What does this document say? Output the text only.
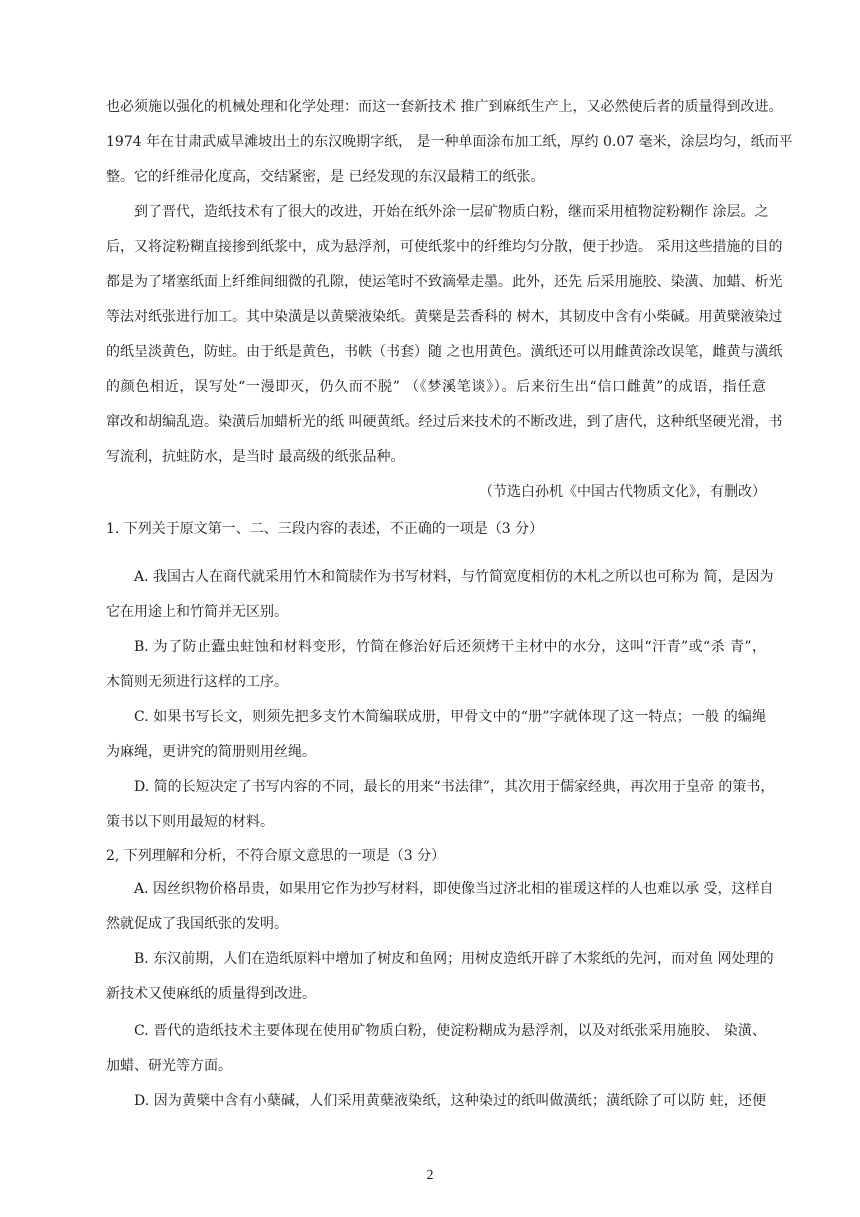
也必须施以强化的机械处理和化学处理：而这一套新技术 推广到麻纸生产上，又必然使后者的质量得到改进。
1974 年在甘肃武威旱滩坡出土的东汉晚期字纸， 是一种单面涂布加工纸，厚约 0.07 毫米，涂层均匀，纸而平
整。它的纤维帚化度高，交结紧密，是 已经发现的东汉最精工的纸张。
到了晋代，造纸技术有了很大的改进，开始在纸外涂一层矿物质白粉，继而采用植物淀粉糊作 涂层。之
后，又将淀粉糊直接掺到纸浆中，成为悬浮剂，可使纸浆中的纤维均匀分散，便于抄造。 采用这些措施的目的
都是为了堵塞纸面上纤维间细微的孔隙，使运笔时不致滴晕走墨。此外，还先 后采用施胶、染潢、加蜡、析光
等法对纸张进行加工。其中染潢是以黄檗液染纸。黄檗是芸香科的 树木，其韧皮中含有小柴碱。用黄檗液染过
的纸呈淡黄色，防蛀。由于纸是黄色，书帙（书套）随 之也用黄色。潢纸还可以用雌黄涂改误笔，雌黄与潢纸
的颜色相近，误写处“一漫即灭，仍久而不脱” （《梦溪笔谈》）。后来衍生出“信口雌黄”的成语，指任意
窜改和胡编乱造。染潢后加蜡析光的纸 叫硬黄纸。经过后来技术的不断改进，到了唐代，这种纸坚硬光滑，书
写流利，抗蛀防水，是当时 最高级的纸张品种。
（节选白孙机《中国古代物质文化》，有删改）
1. 下列关于原文第一、二、三段内容的表述，不正确的一项是（3 分）
A. 我国古人在商代就采用竹木和简牍作为书写材料，与竹简宽度相仿的木札之所以也可称为 简，是因为
它在用途上和竹简并无区别。
B. 为了防止蠹虫蛀蚀和材料变形，竹简在修治好后还须烤干主材中的水分，这叫“汗青”或“杀 青”，
木简则无须进行这样的工序。
C. 如果书写长文，则须先把多支竹木简编联成册，甲骨文中的“册”字就体现了这一特点；一般 的编绳
为麻绳，更讲究的简册则用丝绳。
D. 简的长短决定了书写内容的不同，最长的用来“书法律”，其次用于儒家经典，再次用于皇帝 的策书，
策书以下则用最短的材料。
2, 下列理解和分析，不符合原文意思的一项是（3 分）
A. 因丝织物价格昂贵，如果用它作为抄写材料，即使像当过济北相的崔瑗这样的人也难以承 受，这样自
然就促成了我国纸张的发明。
B. 东汉前期，人们在造纸原料中增加了树皮和鱼网；用树皮造纸开辟了木浆纸的先河，而对鱼 网处理的
新技术又使麻纸的质量得到改进。
C. 晋代的造纸技术主要体现在使用矿物质白粉，使淀粉糊成为悬浮剂，以及对纸张采用施胶、 染潢、
加蜡、研光等方面。
D. 因为黄檗中含有小蘖碱，人们采用黄蘖液染纸，这种染过的纸叫做潢纸；潢纸除了可以防 蛀，还便
2
